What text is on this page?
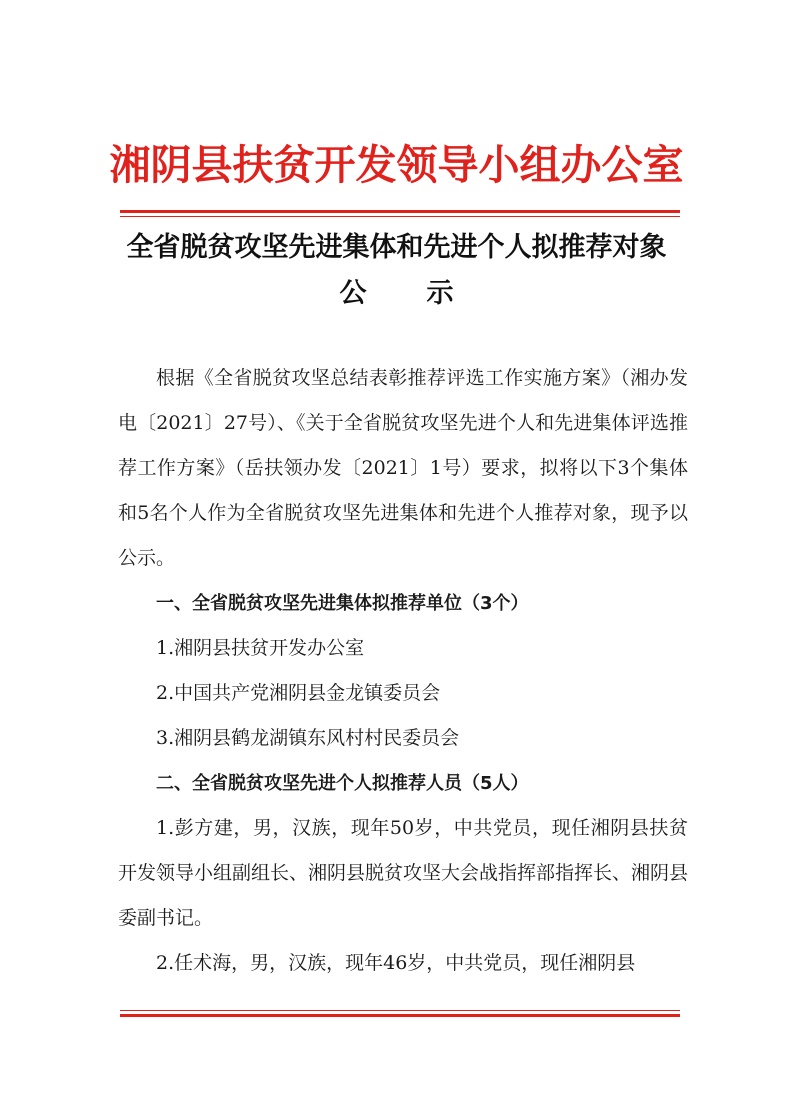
湘阴县扶贫开发领导小组办公室
全省脱贫攻坚先进集体和先进个人拟推荐对象
公示

根据《全省脱贫攻坚总结表彰推荐评选工作实施方案》（湘办发电〔2021〕27号）、《关于全省脱贫攻坚先进个人和先进集体评选推荐工作方案》（岳扶领办发〔2021〕1号）要求，拟将以下3个集体和5名个人作为全省脱贫攻坚先进集体和先进个人推荐对象，现予以公示。

一、全省脱贫攻坚先进集体拟推荐单位（3个）

1.湘阴县扶贫开发办公室

2.中国共产党湘阴县金龙镇委员会

3.湘阴县鹤龙湖镇东风村村民委员会

二、全省脱贫攻坚先进个人拟推荐人员（5人）

1.彭方建，男，汉族，现年50岁，中共党员，现任湘阴县扶贫开发领导小组副组长、湘阴县脱贫攻坚大会战指挥部指挥长、湘阴县委副书记。

2.任术海，男，汉族，现年46岁，中共党员，现任湘阴县
